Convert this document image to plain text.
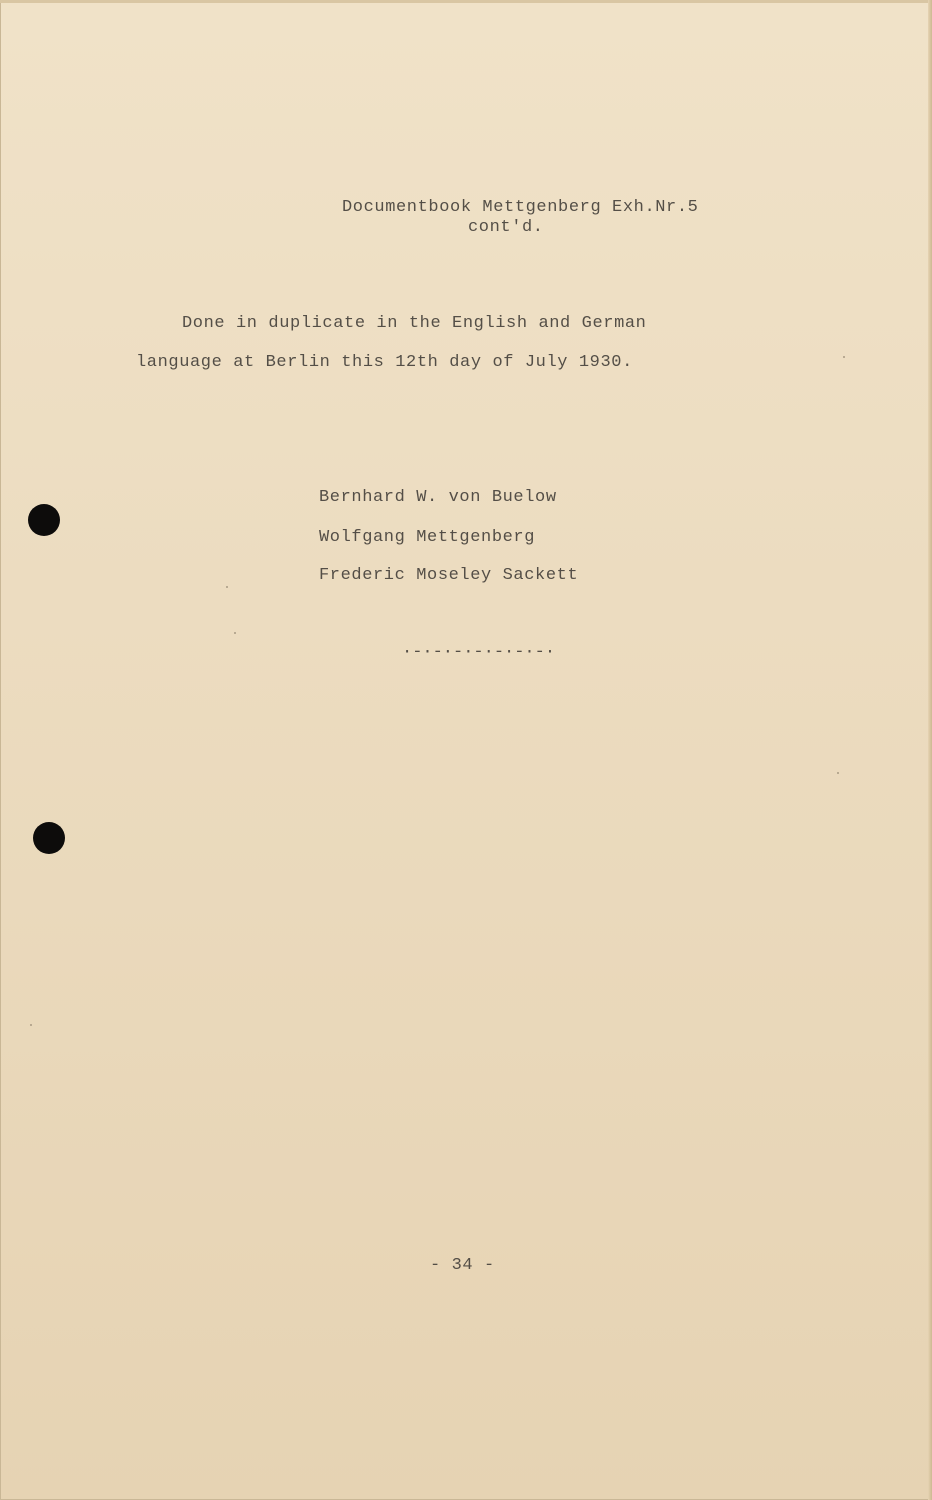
Documentbook Mettgenberg Exh.Nr.5
cont'd.
Done in duplicate in the English and German
language at Berlin this 12th day of July 1930.
Bernhard W. von Buelow
Wolfgang Mettgenberg
Frederic Moseley Sackett
·-·-·-·-·-·-·-·
- 34 -
